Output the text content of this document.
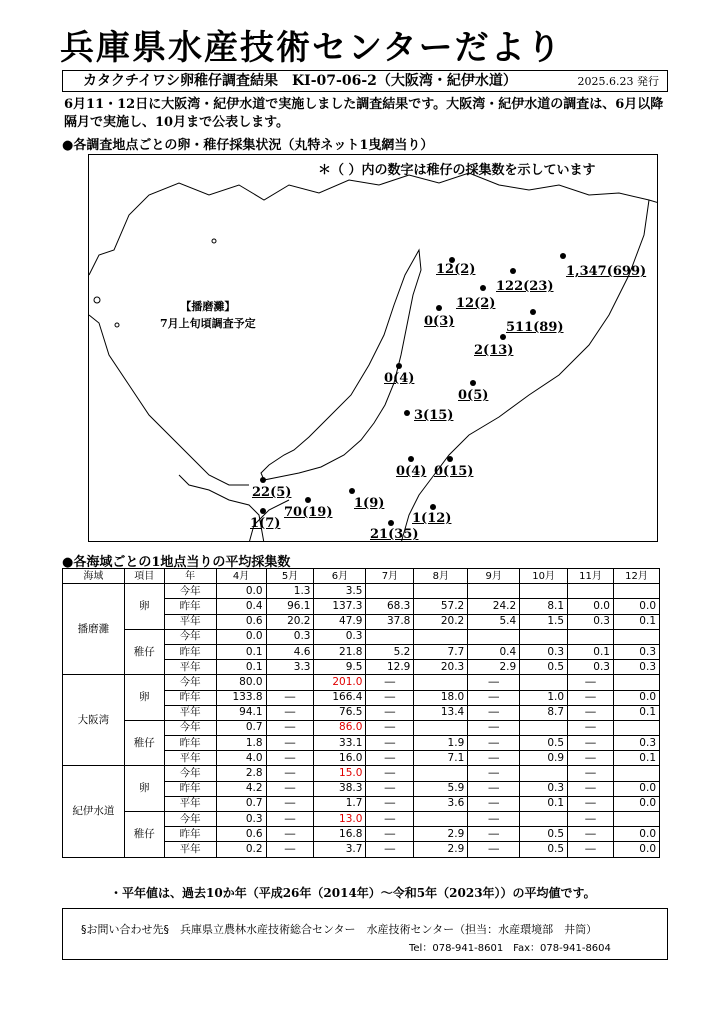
兵庫県水産技術センターだより
カタクチイワシ卵稚仔調査結果　KI-07-06-2（大阪湾・紀伊水道）	2025.6.23 発行
6月11・12日に大阪湾・紀伊水道で実施しました調査結果です。大阪湾・紀伊水道の調査は、6月以降隔月で実施し、10月まで公表します。
●各調査地点ごとの卵・稚仔採集状況（丸特ネット1曳網当り）
＊（ ）内の数字は稚仔の採集数を示しています
【播磨灘】
7月上旬頃調査予定
12(2)	1,347(699)
122(23)
12(2)
0(3)	511(89)
2(13)
0(4)
0(5)
3(15)
0(4) 0(15)
22(5)
70(19)
1(9)
1(7)	1(12)
21(35)
●各海域ごとの1地点当りの平均採集数
海域	項目	年	4月	5月	6月	7月	8月	9月	10月	11月	12月
播磨灘	卵	今年	0.0	1.3	3.5						
		昨年	0.4	96.1	137.3	68.3	57.2	24.2	8.1	0.0	0.0
		平年	0.6	20.2	47.9	37.8	20.2	5.4	1.5	0.3	0.1
	稚仔	今年	0.0	0.3	0.3						
		昨年	0.1	4.6	21.8	5.2	7.7	0.4	0.3	0.1	0.3
		平年	0.1	3.3	9.5	12.9	20.3	2.9	0.5	0.3	0.3
大阪湾	卵	今年	80.0		201.0	―		―		―	
		昨年	133.8	―	166.4	―	18.0	―	1.0	―	0.0
		平年	94.1	―	76.5	―	13.4	―	8.7	―	0.1
	稚仔	今年	0.7	―	86.0	―		―		―	
		昨年	1.8	―	33.1	―	1.9	―	0.5	―	0.3
		平年	4.0	―	16.0	―	7.1	―	0.9	―	0.1
紀伊水道	卵	今年	2.8	―	15.0	―		―		―	
		昨年	4.2	―	38.3	―	5.9	―	0.3	―	0.0
		平年	0.7	―	1.7	―	3.6	―	0.1	―	0.0
	稚仔	今年	0.3	―	13.0	―		―		―	
		昨年	0.6	―	16.8	―	2.9	―	0.5	―	0.0
		平年	0.2	―	3.7	―	2.9	―	0.5	―	0.0
・平年値は、過去10か年（平成26年（2014年）～令和5年（2023年））の平均値です。
§お問い合わせ先§　兵庫県立農林水産技術総合センター　水産技術センター（担当：水産環境部　井筒）
Tel：078-941-8601　Fax：078-941-8604
